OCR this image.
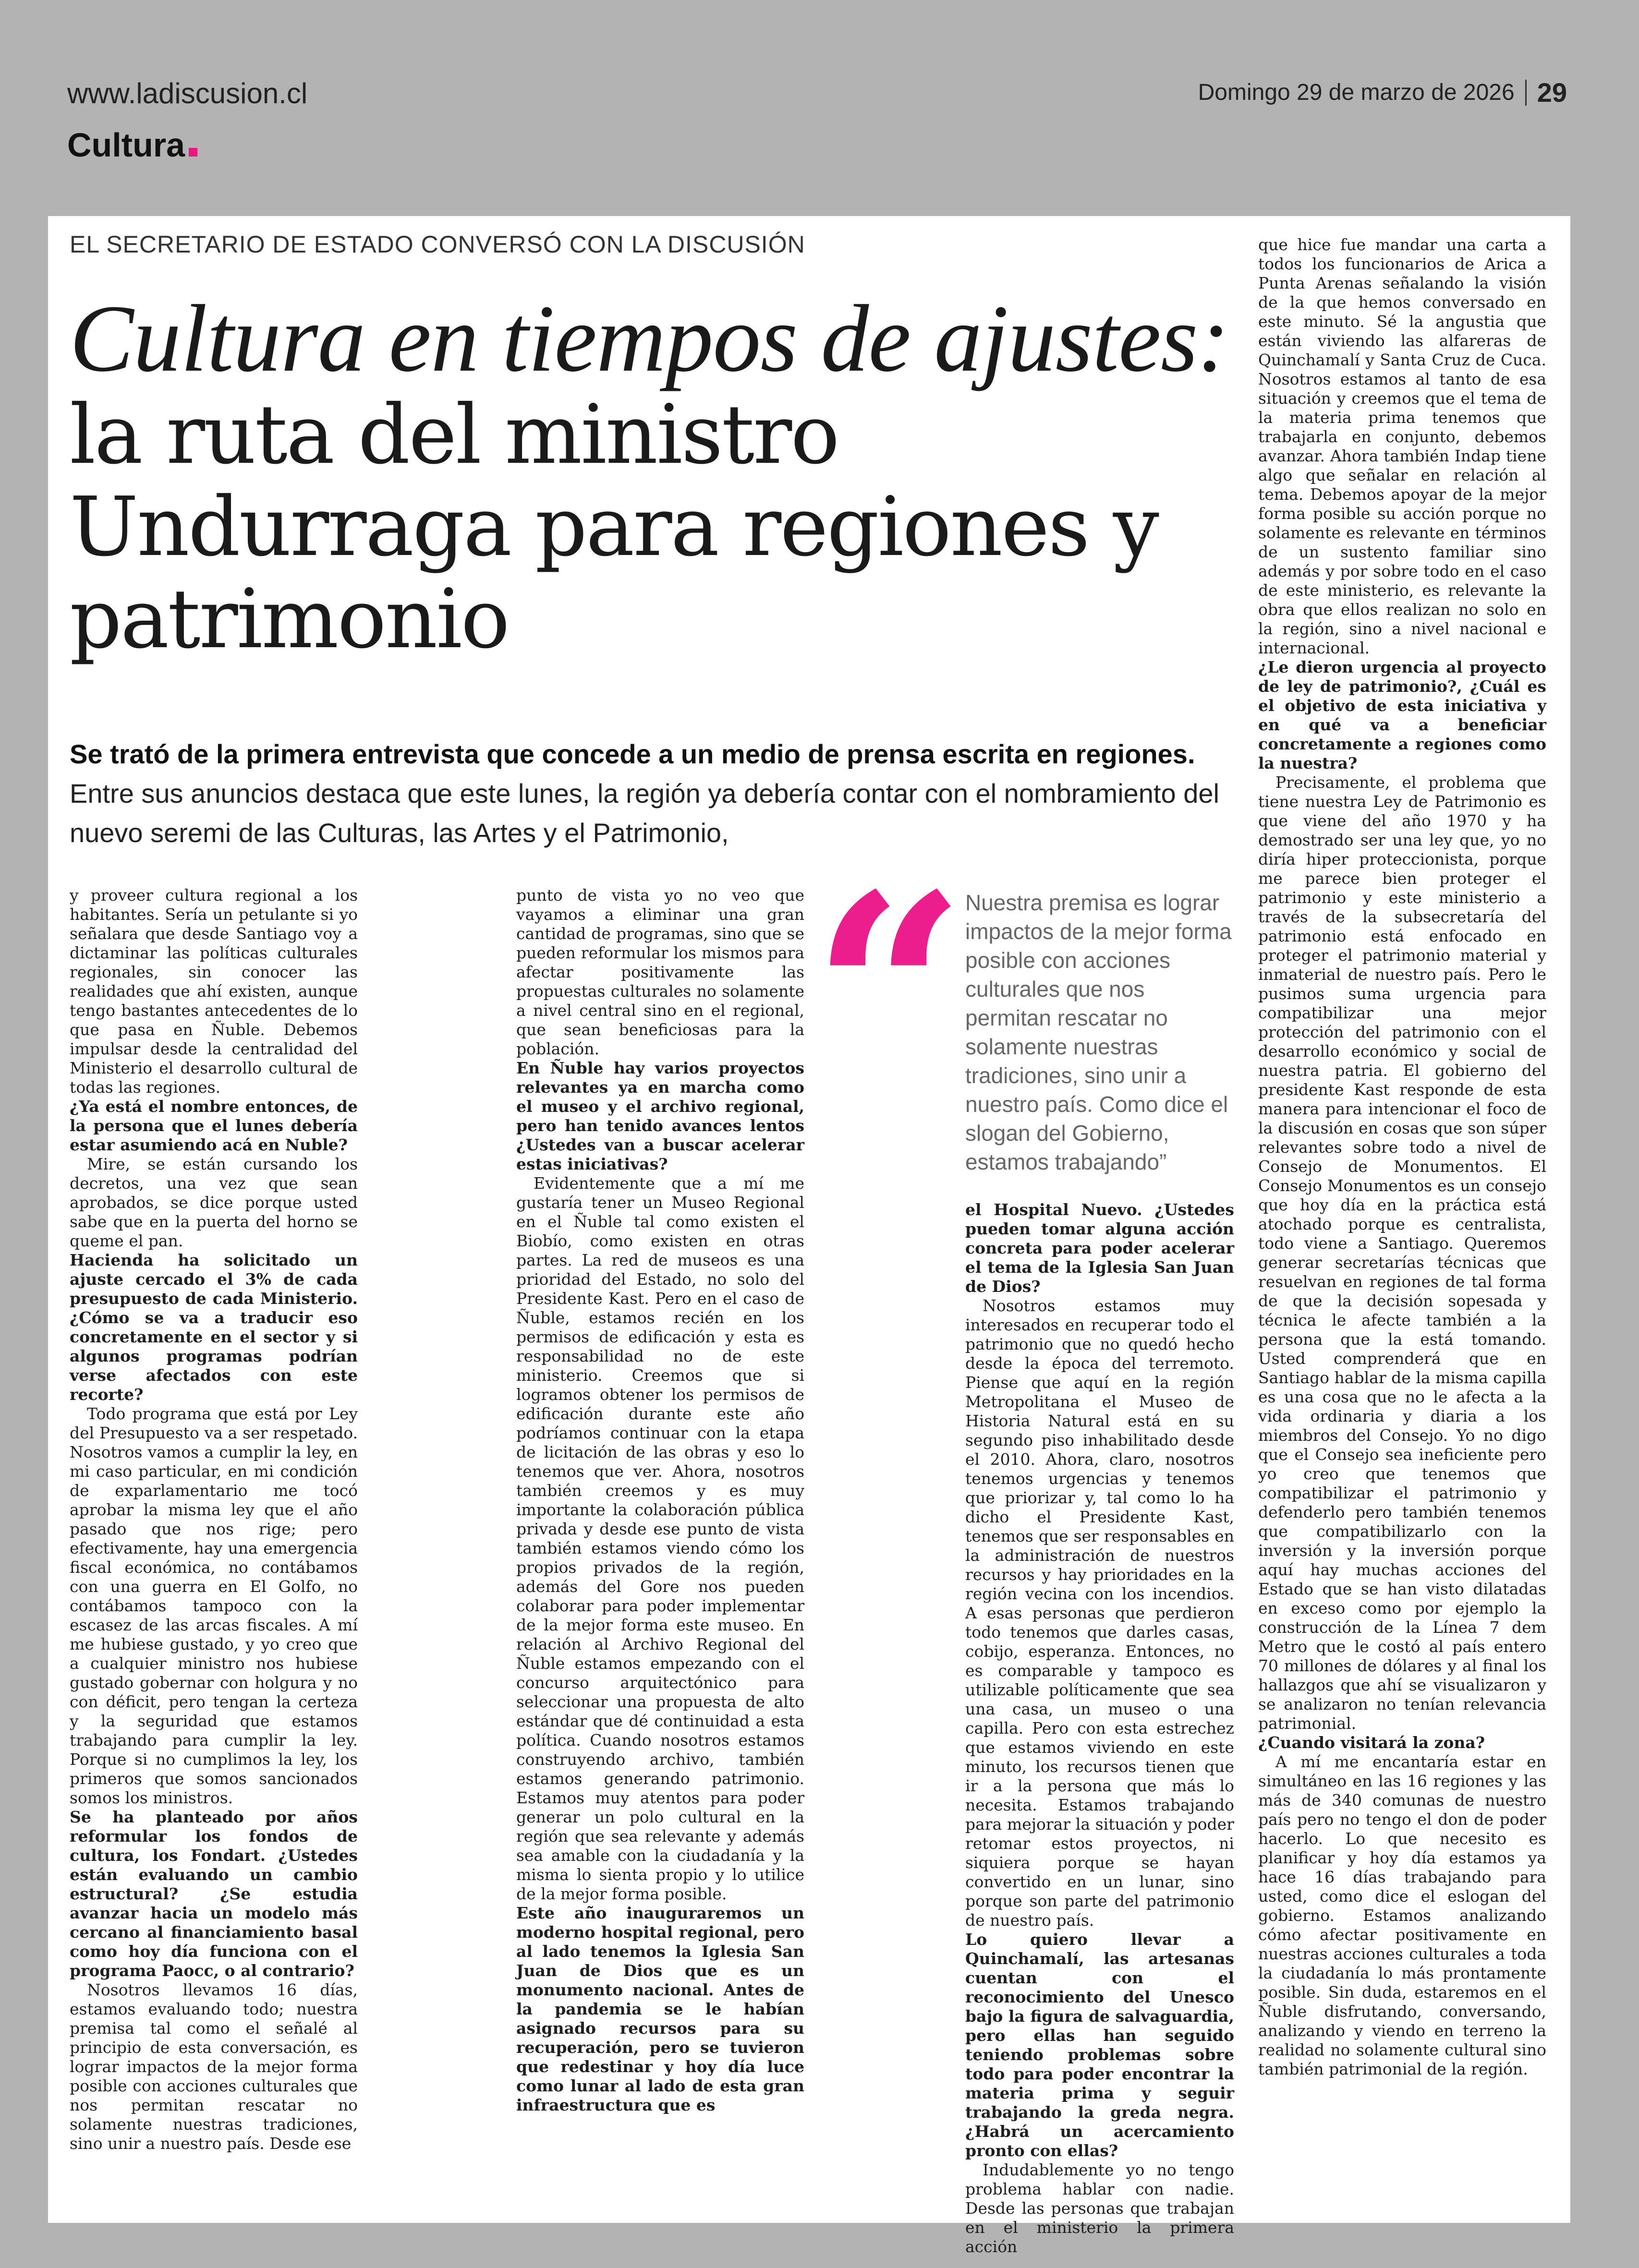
www.ladiscusion.cl	Domingo 29 de marzo de 2026 29
Cultura
EL SECRETARIO DE ESTADO CONVERSÓ CON LA DISCUSIÓN
Cultura en tiempos de ajustes: la ruta del ministro Undurraga para regiones y patrimonio
Se trató de la primera entrevista que concede a un medio de prensa escrita en regiones. Entre sus anuncios destaca que este lunes, la región ya debería contar con el nombramiento del nuevo seremi de las Culturas, las Artes y el Patrimonio,

y proveer cultura regional a los habitantes. Sería un petulante si yo señalara que desde Santiago voy a dictaminar las políticas culturales regionales, sin conocer las realidades que ahí existen, aunque tengo bastantes antecedentes de lo que pasa en Ñuble. Debemos impulsar desde la centralidad del Ministerio el desarrollo cultural de todas las regiones.

¿Ya está el nombre entonces, de la persona que el lunes debería estar asumiendo acá en Nuble?

Mire, se están cursando los decretos, una vez que sean aprobados, se dice porque usted sabe que en la puerta del horno se queme el pan.

Hacienda ha solicitado un ajuste cercado el 3% de cada presupuesto de cada Ministerio. ¿Cómo se va a traducir eso concretamente en el sector y si algunos programas podrían verse afectados con este recorte?

Todo programa que está por Ley del Presupuesto va a ser respetado. Nosotros vamos a cumplir la ley, en mi caso particular, en mi condición de exparlamentario me tocó aprobar la misma ley que el año pasado que nos rige; pero efectivamente, hay una emergencia fiscal económica, no contábamos con una guerra en El Golfo, no contábamos tampoco con la escasez de las arcas fiscales. A mí me hubiese gustado, y yo creo que a cualquier ministro nos hubiese gustado gobernar con holgura y no con déficit, pero tengan la certeza y la seguridad que estamos trabajando para cumplir la ley. Porque si no cumplimos la ley, los primeros que somos sancionados somos los ministros.

Se ha planteado por años reformular los fondos de cultura, los Fondart. ¿Ustedes están evaluando un cambio estructural? ¿Se estudia avanzar hacia un modelo más cercano al financiamiento basal como hoy día funciona con el programa Paocc, o al contrario?

Nosotros llevamos 16 días, estamos evaluando todo; nuestra premisa tal como el señalé al principio de esta conversación, es lograr impactos de la mejor forma posible con acciones culturales que nos permitan rescatar no solamente nuestras tradiciones, sino unir a nuestro país. Desde ese

punto de vista yo no veo que vayamos a eliminar una gran cantidad de programas, sino que se pueden reformular los mismos para afectar positivamente las propuestas culturales no solamente a nivel central sino en el regional, que sean beneficiosas para la población.

En Ñuble hay varios proyectos relevantes ya en marcha como el museo y el archivo regional, pero han tenido avances lentos ¿Ustedes van a buscar acelerar estas iniciativas?

Evidentemente que a mí me gustaría tener un Museo Regional en el Ñuble tal como existen el Biobío, como existen en otras partes. La red de museos es una prioridad del Estado, no solo del Presidente Kast. Pero en el caso de Ñuble, estamos recién en los permisos de edificación y esta es responsabilidad no de este ministerio. Creemos que si logramos obtener los permisos de edificación durante este año podríamos continuar con la etapa de licitación de las obras y eso lo tenemos que ver. Ahora, nosotros también creemos y es muy importante la colaboración pública privada y desde ese punto de vista también estamos viendo cómo los propios privados de la región, además del Gore nos pueden colaborar para poder implementar de la mejor forma este museo. En relación al Archivo Regional del Ñuble estamos empezando con el concurso arquitectónico para seleccionar una propuesta de alto estándar que dé continuidad a esta política. Cuando nosotros estamos construyendo archivo, también estamos generando patrimonio. Estamos muy atentos para poder generar un polo cultural en la región que sea relevante y además sea amable con la ciudadanía y la misma lo sienta propio y lo utilice de la mejor forma posible.

Este año inauguraremos un moderno hospital regional, pero al lado tenemos la Iglesia San Juan de Dios que es un monumento nacional. Antes de la pandemia se le habían asignado recursos para su recuperación, pero se tuvieron que redestinar y hoy día luce como lunar al lado de esta gran infraestructura que es

“
Nuestra premisa es lograr impactos de la mejor forma posible con acciones culturales que nos permitan rescatar no solamente nuestras tradiciones, sino unir a nuestro país. Como dice el slogan del Gobierno, estamos trabajando”

el Hospital Nuevo. ¿Ustedes pueden tomar alguna acción concreta para poder acelerar el tema de la Iglesia San Juan de Dios?

Nosotros estamos muy interesados en recuperar todo el patrimonio que no quedó hecho desde la época del terremoto. Piense que aquí en la región Metropolitana el Museo de Historia Natural está en su segundo piso inhabilitado desde el 2010. Ahora, claro, nosotros tenemos urgencias y tenemos que priorizar y, tal como lo ha dicho el Presidente Kast, tenemos que ser responsables en la administración de nuestros recursos y hay prioridades en la región vecina con los incendios. A esas personas que perdieron todo tenemos que darles casas, cobijo, esperanza. Entonces, no es comparable y tampoco es utilizable políticamente que sea una casa, un museo o una capilla. Pero con esta estrechez que estamos viviendo en este minuto, los recursos tienen que ir a la persona que más lo necesita. Estamos trabajando para mejorar la situación y poder retomar estos proyectos, ni siquiera porque se hayan convertido en un lunar, sino porque son parte del patrimonio de nuestro país.

Lo quiero llevar a Quinchamalí, las artesanas cuentan con el reconocimiento del Unesco bajo la figura de salvaguardia, pero ellas han seguido teniendo problemas sobre todo para poder encontrar la materia prima y seguir trabajando la greda negra. ¿Habrá un acercamiento pronto con ellas?

Indudablemente yo no tengo problema hablar con nadie. Desde las personas que trabajan en el ministerio la primera acción

que hice fue mandar una carta a todos los funcionarios de Arica a Punta Arenas señalando la visión de la que hemos conversado en este minuto. Sé la angustia que están viviendo las alfareras de Quinchamalí y Santa Cruz de Cuca. Nosotros estamos al tanto de esa situación y creemos que el tema de la materia prima tenemos que trabajarla en conjunto, debemos avanzar. Ahora también Indap tiene algo que señalar en relación al tema. Debemos apoyar de la mejor forma posible su acción porque no solamente es relevante en términos de un sustento familiar sino además y por sobre todo en el caso de este ministerio, es relevante la obra que ellos realizan no solo en la región, sino a nivel nacional e internacional.

¿Le dieron urgencia al proyecto de ley de patrimonio?, ¿Cuál es el objetivo de esta iniciativa y en qué va a beneficiar concretamente a regiones como la nuestra?

Precisamente, el problema que tiene nuestra Ley de Patrimonio es que viene del año 1970 y ha demostrado ser una ley que, yo no diría hiper proteccionista, porque me parece bien proteger el patrimonio y este ministerio a través de la subsecretaría del patrimonio está enfocado en proteger el patrimonio material y inmaterial de nuestro país. Pero le pusimos suma urgencia para compatibilizar una mejor protección del patrimonio con el desarrollo económico y social de nuestra patria. El gobierno del presidente Kast responde de esta manera para intencionar el foco de la discusión en cosas que son súper relevantes sobre todo a nivel de Consejo de Monumentos. El Consejo Monumentos es un consejo que hoy día en la práctica está atochado porque es centralista, todo viene a Santiago. Queremos generar secretarías técnicas que resuelvan en regiones de tal forma de que la decisión sopesada y técnica le afecte también a la persona que la está tomando. Usted comprenderá que en Santiago hablar de la misma capilla es una cosa que no le afecta a la vida ordinaria y diaria a los miembros del Consejo. Yo no digo que el Consejo sea ineficiente pero yo creo que tenemos que compatibilizar el patrimonio y defenderlo pero también tenemos que compatibilizarlo con la inversión y la inversión porque aquí hay muchas acciones del Estado que se han visto dilatadas en exceso como por ejemplo la construcción de la Línea 7 dem Metro que le costó al país entero 70 millones de dólares y al final los hallazgos que ahí se visualizaron y se analizaron no tenían relevancia patrimonial.

¿Cuando visitará la zona?

A mí me encantaría estar en simultáneo en las 16 regiones y las más de 340 comunas de nuestro país pero no tengo el don de poder hacerlo. Lo que necesito es planificar y hoy día estamos ya hace 16 días trabajando para usted, como dice el eslogan del gobierno. Estamos analizando cómo afectar positivamente en nuestras acciones culturales a toda la ciudadanía lo más prontamente posible. Sin duda, estaremos en el Ñuble disfrutando, conversando, analizando y viendo en terreno la realidad no solamente cultural sino también patrimonial de la región.
